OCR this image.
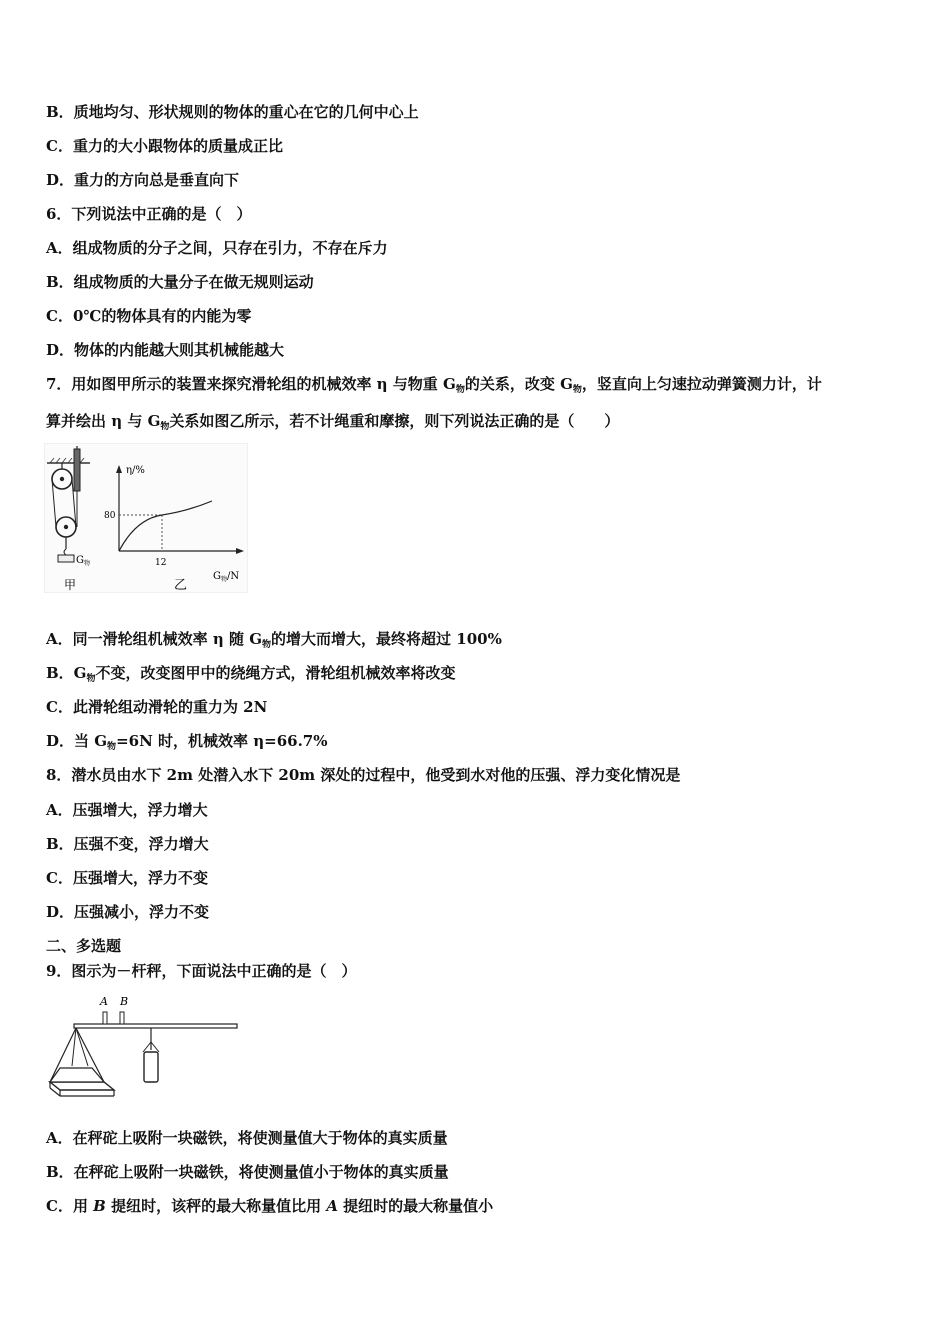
B．质地均匀、形状规则的物体的重心在它的几何中心上
C．重力的大小跟物体的质量成正比
D．重力的方向总是垂直向下
6．下列说法中正确的是（　）
A．组成物质的分子之间，只存在引力，不存在斥力
B．组成物质的大量分子在做无规则运动
C．0℃的物体具有的内能为零
D．物体的内能越大则其机械能越大
7．用如图甲所示的装置来探究滑轮组的机械效率 η 与物重 $G_物$的关系，改变 $G_物$，竖直向上匀速拉动弹簧测力计，计
算并绘出 η 与 $G_物$关系如图乙所示，若不计绳重和摩擦，则下列说法正确的是（　　）
$G_物$
甲
η/%
80
12
$G_物/N$
乙
A．同一滑轮组机械效率 η 随 $G_物$的增大而增大，最终将超过 100%
B．$G_物$不变，改变图甲中的绕绳方式，滑轮组机械效率将改变
C．此滑轮组动滑轮的重力为 2N
D．当 $G_物=6N$ 时，机械效率 η=66.7%
8．潜水员由水下 2m 处潜入水下 20m 深处的过程中，他受到水对他的压强、浮力变化情况是
A．压强增大，浮力增大
B．压强不变，浮力增大
C．压强增大，浮力不变
D．压强减小，浮力不变
二、多选题
9．图示为－杆秤，下面说法中正确的是（　）
A B
A．在秤砣上吸附一块磁铁，将使测量值大于物体的真实质量
B．在秤砣上吸附一块磁铁，将使测量值小于物体的真实质量
C．用 B 提纽时，该秤的最大称量值比用 A 提纽时的最大称量值小
